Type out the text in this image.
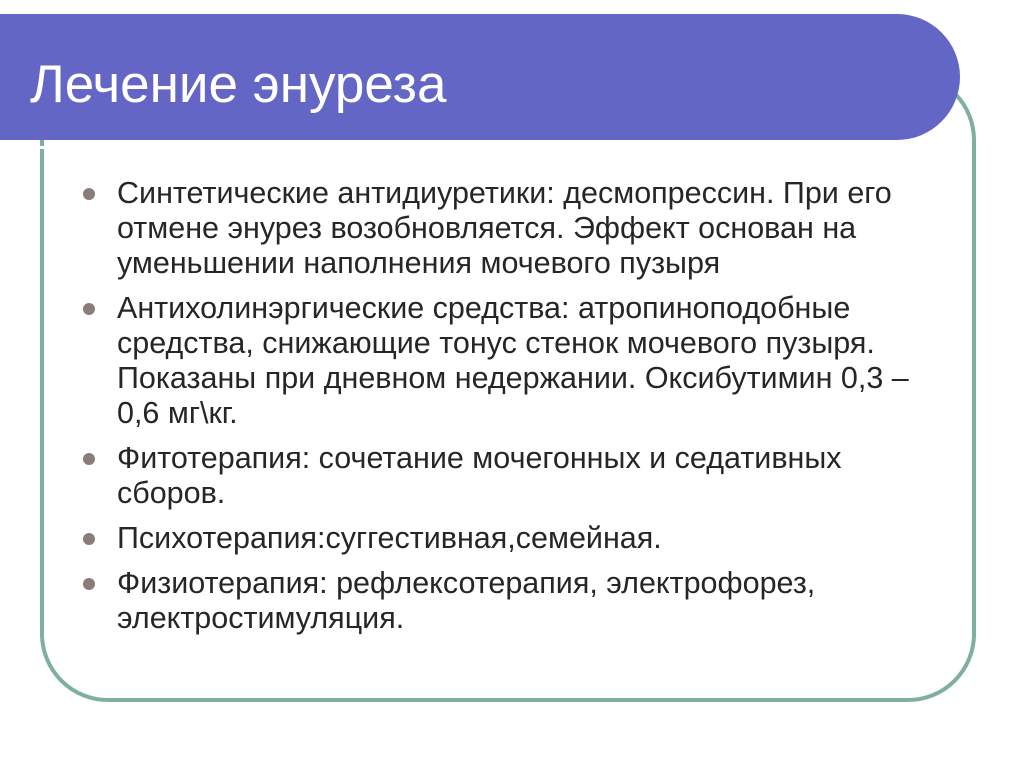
Лечение энуреза
Синтетические антидиуретики: десмопрессин. При его отмене энурез возобновляется. Эффект основан на уменьшении наполнения мочевого пузыря
Антихолинэргические средства: атропиноподобные средства, снижающие тонус стенок мочевого пузыря. Показаны при дневном недержании. Оксибутимин 0,3 – 0,6 мг\кг.
Фитотерапия: сочетание мочегонных и седативных сборов.
Психотерапия:суггестивная,семейная.
Физиотерапия: рефлексотерапия, электрофорез, электростимуляция.
